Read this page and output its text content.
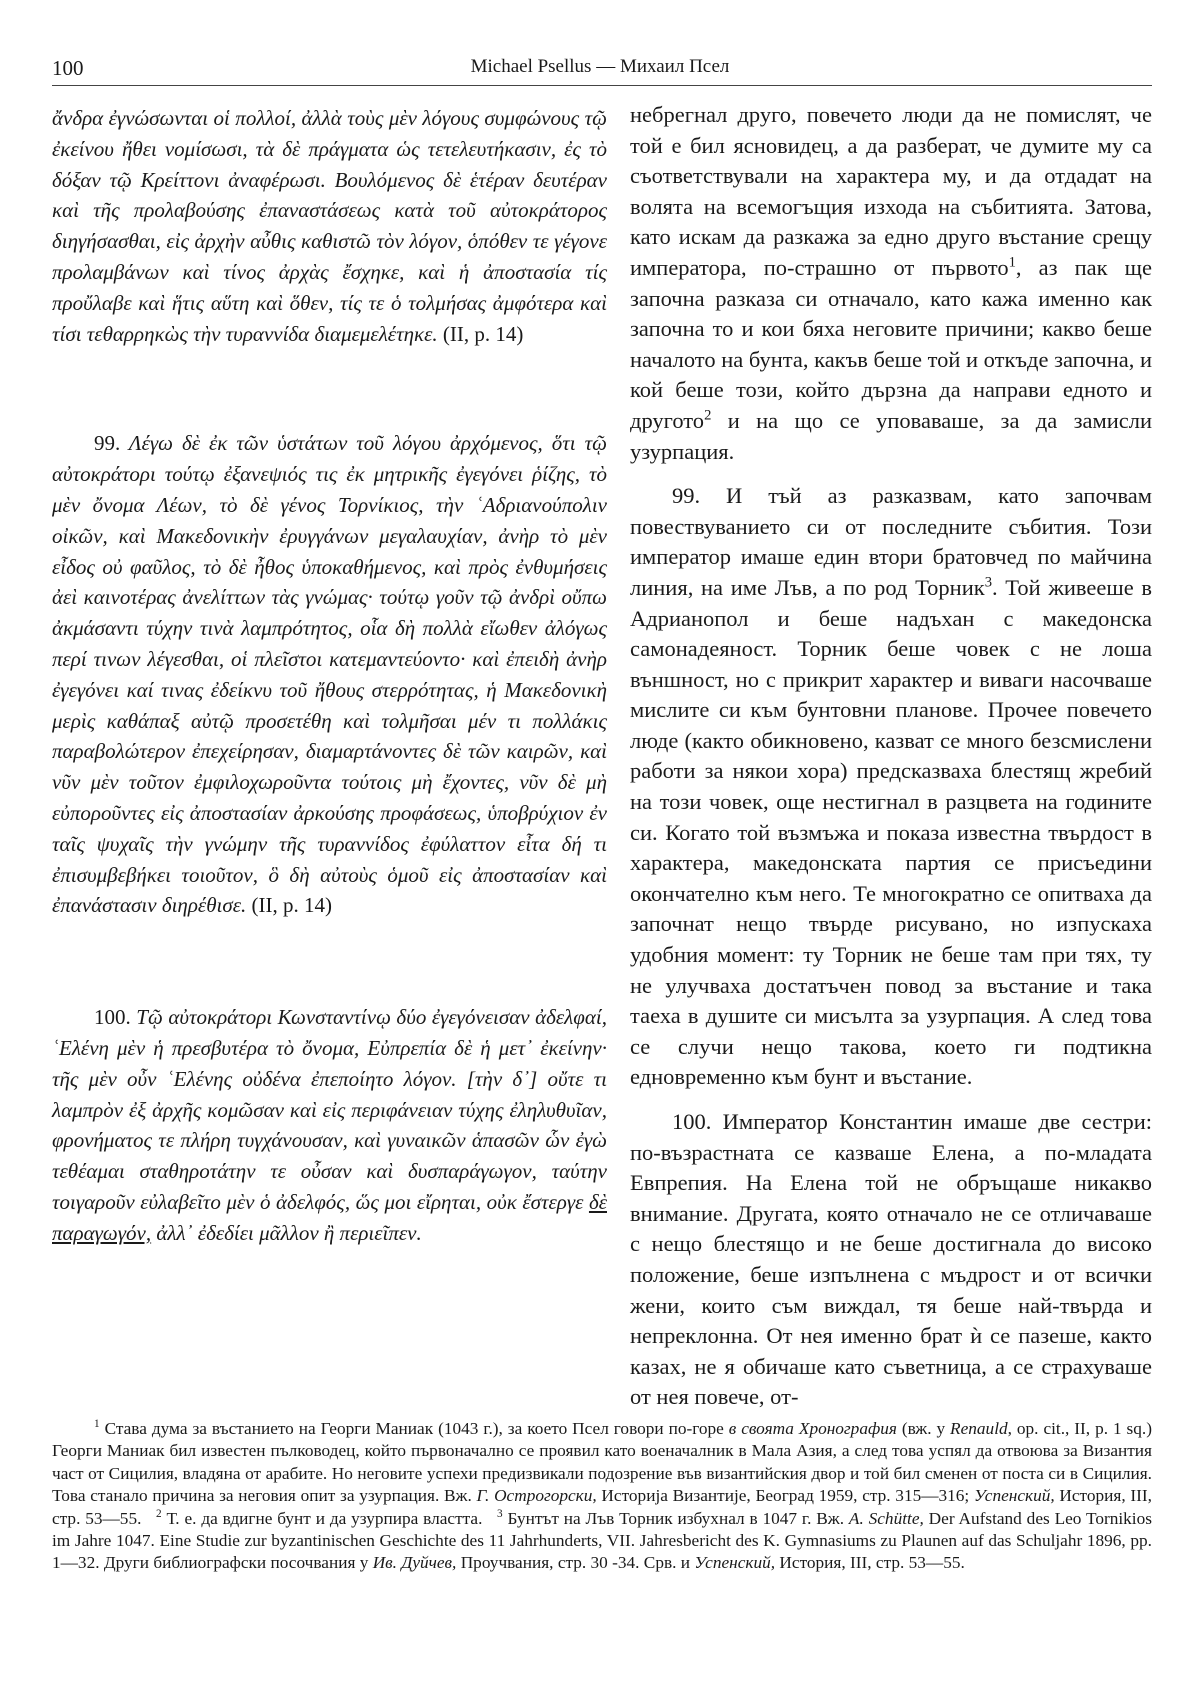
100	Michael Psellus — Михаил Псел

ἄνδρα ἐγνώσωνται οἱ πολλοί, ἀλλὰ τοὺς μὲν λόγους συμφώνους τῷ ἐκείνου ἤθει νομίσωσι, τὰ δὲ πράγματα ὡς τετελευτήκασιν, ἐς τὸ δόξαν τῷ Κρείττονι ἀναφέρωσι. Βουλόμενος δὲ ἑτέραν δευτέραν καὶ τῆς προλαβούσης ἐπαναστάσεως κατὰ τοῦ αὐτοκράτορος διηγήσασθαι, εἰς ἀρχὴν αὖθις καθιστῶ τὸν λόγον, ὁπόθεν τε γέγονε προλαμβάνων καὶ τίνος ἀρχὰς ἔσχηκε, καὶ ἡ ἀποστασία τίς προὔλαβε καὶ ἥτις αὕτη καὶ ὅθεν, τίς τε ὁ τολμήσας ἀμφότερα καὶ τίσι τεθαρρηκὼς τὴν τυραννίδα διαμεμελέτηκε. (II, p. 14)

99. Λέγω δὲ ἐκ τῶν ὑστάτων τοῦ λόγου ἀρχόμενος, ὅτι τῷ αὐτοκράτορι τούτῳ ἐξανεψιός τις ἐκ μητρικῆς ἐγεγόνει ῥίζης, τὸ μὲν ὄνομα Λέων, τὸ δὲ γένος Τορνίκιος, τὴν ʿΑδριανούπολιν οἰκῶν, καὶ Μακεδονικὴν ἐρυγγάνων μεγαλαυχίαν, ἀνὴρ τὸ μὲν εἶδος οὐ φαῦλος, τὸ δὲ ἦθος ὑποκαθήμενος, καὶ πρὸς ἐνθυμήσεις ἀεὶ καινοτέρας ἀνελίττων τὰς γνώμας· τούτῳ γοῦν τῷ ἀνδρὶ οὔπω ἀκμάσαντι τύχην τινὰ λαμπρότητος, οἷα δὴ πολλὰ εἴωθεν ἀλόγως περί τινων λέγεσθαι, οἱ πλεῖστοι κατεμαντεύοντο· καὶ ἐπειδὴ ἀνὴρ ἐγεγόνει καί τινας ἐδείκνυ τοῦ ἤθους στερρότητας, ἡ Μακεδονικὴ μερὶς καθάπαξ αὐτῷ προσετέθη καὶ τολμῆσαι μέν τι πολλάκις παραβολώτερον ἐπεχείρησαν, διαμαρτάνοντες δὲ τῶν καιρῶν, καὶ νῦν μὲν τοῦτον ἐμφιλοχωροῦντα τούτοις μὴ ἔχοντες, νῦν δὲ μὴ εὐποροῦντες εἰς ἀποστασίαν ἀρκούσης προφάσεως, ὑποβρύχιον ἐν ταῖς ψυχαῖς τὴν γνώμην τῆς τυραννίδος ἐφύλαττον εἶτα δή τι ἐπισυμβεβήκει τοιοῦτον, ὃ δὴ αὐτοὺς ὁμοῦ εἰς ἀποστασίαν καὶ ἐπανάστασιν διηρέθισε. (II, p. 14)

100. Τῷ αὐτοκράτορι Κωνσταντίνῳ δύο ἐγεγόνεισαν ἀδελφαί, ʿΕλένη μὲν ἡ πρεσβυτέρα τὸ ὄνομα, Εὐπρεπία δὲ ἡ μετ᾽ ἐκείνην· τῆς μὲν οὖν ʿΕλένης οὐδένα ἐπεποίητο λόγον. [τὴν δ᾽] οὔτε τι λαμπρὸν ἐξ ἀρχῆς κομῶσαν καὶ εἰς περιφάνειαν τύχης ἐληλυθυῖαν, φρονήματος τε πλήρη τυγχάνουσαν, καὶ γυναικῶν ἁπασῶν ὧν ἐγὼ τεθέαμαι σταθηροτάτην τε οὖσαν καὶ δυσπαράγωγον, ταύτην τοιγαροῦν εὐλαβεῖτο μὲν ὁ ἀδελφός, ὥς μοι εἴρηται, οὐκ ἔστεργε δὲ παραγωγόν, ἀλλ᾽ ἐδεδίει μᾶλλον ἢ περιεῖπεν.

небрегнал друго, повечето люди да не помислят, че той е бил ясновидец, а да разберат, че думите му са съответствували на характера му, и да отдадат на волята на всемогъщия изхода на събитията. Затова, като искам да разкажа за едно друго въстание срещу императора, по-страшно от първото$^1$, аз пак ще започна разказа си отначало, като кажа именно как започна то и кои бяха неговите причини; какво беше началото на бунта, какъв беше той и откъде започна, и кой беше този, който дързна да направи едното и другото$^2$ и на що се уповаваше, за да замисли узурпация.

99. И тъй аз разказвам, като започвам повествуванието си от последните събития. Този император имаше един втори братовчед по майчина линия, на име Лъв, а по род Торник$^3$. Той живееше в Адрианопол и беше надъхан с македонска самонадеяност. Торник беше човек с не лоша външност, но с прикрит характер и виваги насочваше мислите си към бунтовни планове. Прочее повечето люде (както обикновено, казват се много безсмислени работи за някои хора) предсказваха блестящ жребий на този човек, още нестигнал в разцвета на годините си. Когато той възмъжа и показа известна твърдост в характера, македонската партия се присъедини окончателно към него. Те многократно се опитваха да започнат нещо твърде рисувано, но изпускаха удобния момент: ту Торник не беше там при тях, ту не улучваха достатъчен повод за въстание и така таеха в душите си мисълта за узурпация. А след това се случи нещо такова, което ги подтикна едновременно към бунт и въстание.

100. Император Константин имаше две сестри: по-възрастната се казваше Елена, а по-младата Евпрепия. На Елена той не обръщаше никакво внимание. Другата, която отначало не се отличаваше с нещо блестящо и не беше достигнала до високо положение, беше изпълнена с мъдрост и от всички жени, които съм виждал, тя беше най-твърда и непреклонна. От нея именно брат ѝ се пазеше, както казах, не я обичаше като съветница, а се страхуваше от нея повече, от-

$^1$ Става дума за въстанието на Георги Маниак (1043 г.), за което Псел говори по-горе в своята Хронография (вж. у Renauld, op. cit., II, p. 1 sq.) Георги Маниак бил известен пълководец, който първоначално се проявил като военачалник в Мала Азия, а след това успял да отвоюва за Византия част от Сицилия, владяна от арабите. Но неговите успехи предизвикали подозрение във византийския двор и той бил сменен от поста си в Сицилия. Това станало причина за неговия опит за узурпация. Вж. Г. Острогорски, Историја Византије, Београд 1959, стр. 315—316; Успенский, История, III, стр. 53—55. $^2$ Т. е. да вдигне бунт и да узурпира властта. $^3$ Бунтът на Лъв Торник избухнал в 1047 г. Вж. A. Schütte, Der Aufstand des Leo Tornikios im Jahre 1047. Eine Studie zur byzantinischen Geschichte des 11 Jahrhunderts, VII. Jahresbericht des K. Gymnasiums zu Plaunen auf das Schuljahr 1896, pp. 1—32. Други библиографски посочвания у Ив. Дуйчев, Проучвания, стр. 30 -34. Срв. и Успенский, История, III, стр. 53—55.
